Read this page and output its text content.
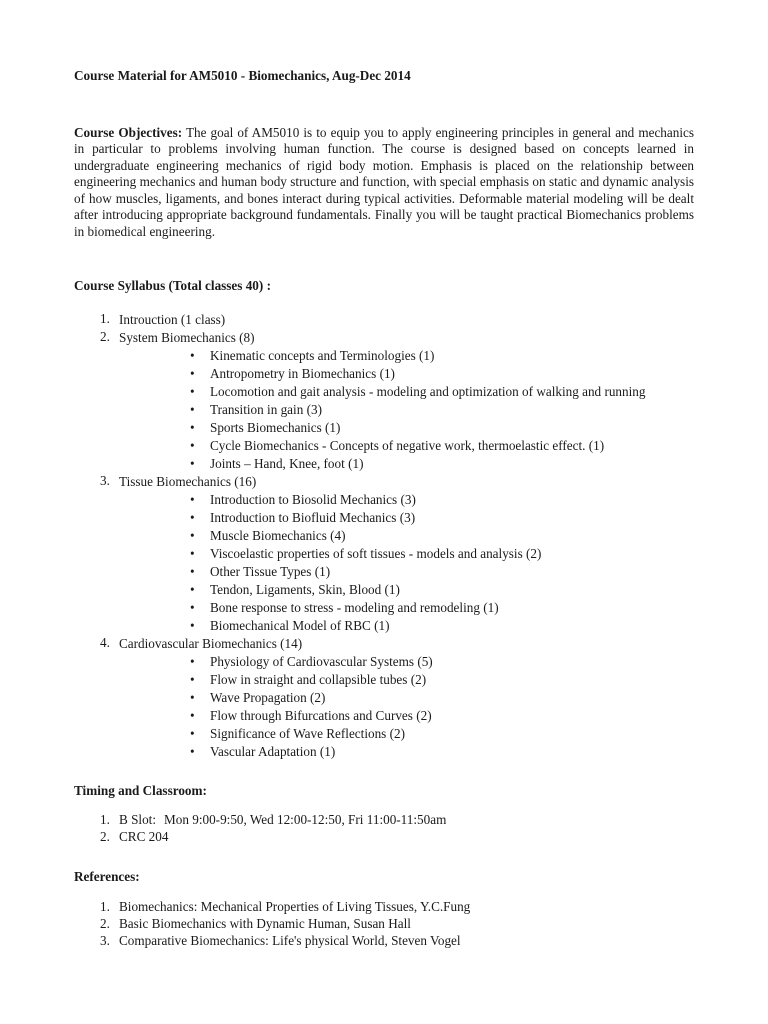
Course Material for AM5010 - Biomechanics, Aug-Dec 2014

Course Objectives: The goal of AM5010 is to equip you to apply engineering principles in general and mechanics in particular to problems involving human function. The course is designed based on concepts learned in undergraduate engineering mechanics of rigid body motion. Emphasis is placed on the relationship between engineering mechanics and human body structure and function, with special emphasis on static and dynamic analysis of how muscles, ligaments, and bones interact during typical activities. Deformable material modeling will be dealt after introducing appropriate background fundamentals. Finally you will be taught practical Biomechanics problems in biomedical engineering.

Course Syllabus (Total classes 40) :

1. Introuction (1 class)
2. System Biomechanics (8)
• Kinematic concepts and Terminologies (1)
• Antropometry in Biomechanics (1)
• Locomotion and gait analysis - modeling and optimization of walking and running
• Transition in gain (3)
• Sports Biomechanics (1)
• Cycle Biomechanics - Concepts of negative work, thermoelastic effect. (1)
• Joints – Hand, Knee, foot (1)
3. Tissue Biomechanics (16)
• Introduction to Biosolid Mechanics (3)
• Introduction to Biofluid Mechanics (3)
• Muscle Biomechanics (4)
• Viscoelastic properties of soft tissues - models and analysis (2)
• Other Tissue Types (1)
• Tendon, Ligaments, Skin, Blood (1)
• Bone response to stress - modeling and remodeling (1)
• Biomechanical Model of RBC (1)
4. Cardiovascular Biomechanics (14)
• Physiology of Cardiovascular Systems (5)
• Flow in straight and collapsible tubes (2)
• Wave Propagation (2)
• Flow through Bifurcations and Curves (2)
• Significance of Wave Reflections (2)
• Vascular Adaptation (1)

Timing and Classroom:

1. B Slot: Mon 9:00-9:50, Wed 12:00-12:50, Fri 11:00-11:50am
2. CRC 204

References:

1. Biomechanics: Mechanical Properties of Living Tissues, Y.C.Fung
2. Basic Biomechanics with Dynamic Human, Susan Hall
3. Comparative Biomechanics: Life's physical World, Steven Vogel
